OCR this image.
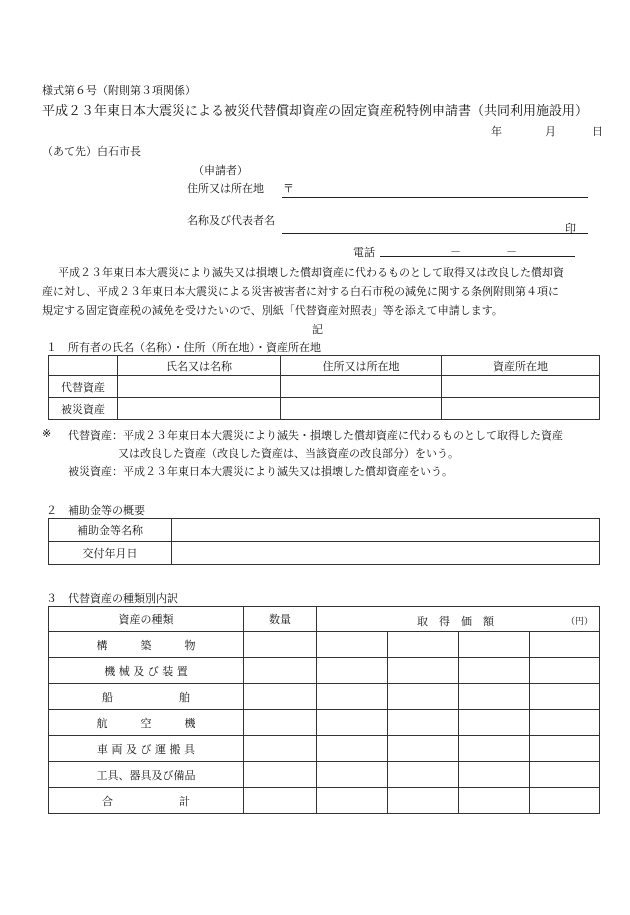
様式第６号（附則第３項関係）
平成２３年東日本大震災による被災代替償却資産の固定資産税特例申請書（共同利用施設用）
年	月	日
（あて先）白石市長
（申請者）
住所又は所在地 〒
名称及び代表者名
印
電話	－	－
平成２３年東日本大震災により滅失又は損壊した償却資産に代わるものとして取得又は改良した償却資
産に対し、平成２３年東日本大震災による災害被害者に対する白石市税の減免に関する条例附則第４項に
規定する固定資産税の減免を受けたいので、別紙「代替資産対照表」等を添えて申請します。
記
１　所有者の氏名（名称）・住所（所在地）・資産所在地
	氏名又は名称	住所又は所在地	資産所在地
代替資産			
被災資産			
※ 代替資産：平成２３年東日本大震災により滅失・損壊した償却資産に代わるものとして取得した資産
又は改良した資産（改良した資産は、当該資産の改良部分）をいう。
被災資産：平成２３年東日本大震災により滅失又は損壊した償却資産をいう。
２　補助金等の概要
補助金等名称	
交付年月日	
３　代替資産の種類別内訳
資産の種類	数量	取　得　価　額 （円）			

構　　　築　　　物					
機 械 及 び 装 置					
船　　　　　　舶					
航　　　空　　　機					
車 両 及 び 運 搬 具					
工具、器具及び備品					
合　　　　　　計					
